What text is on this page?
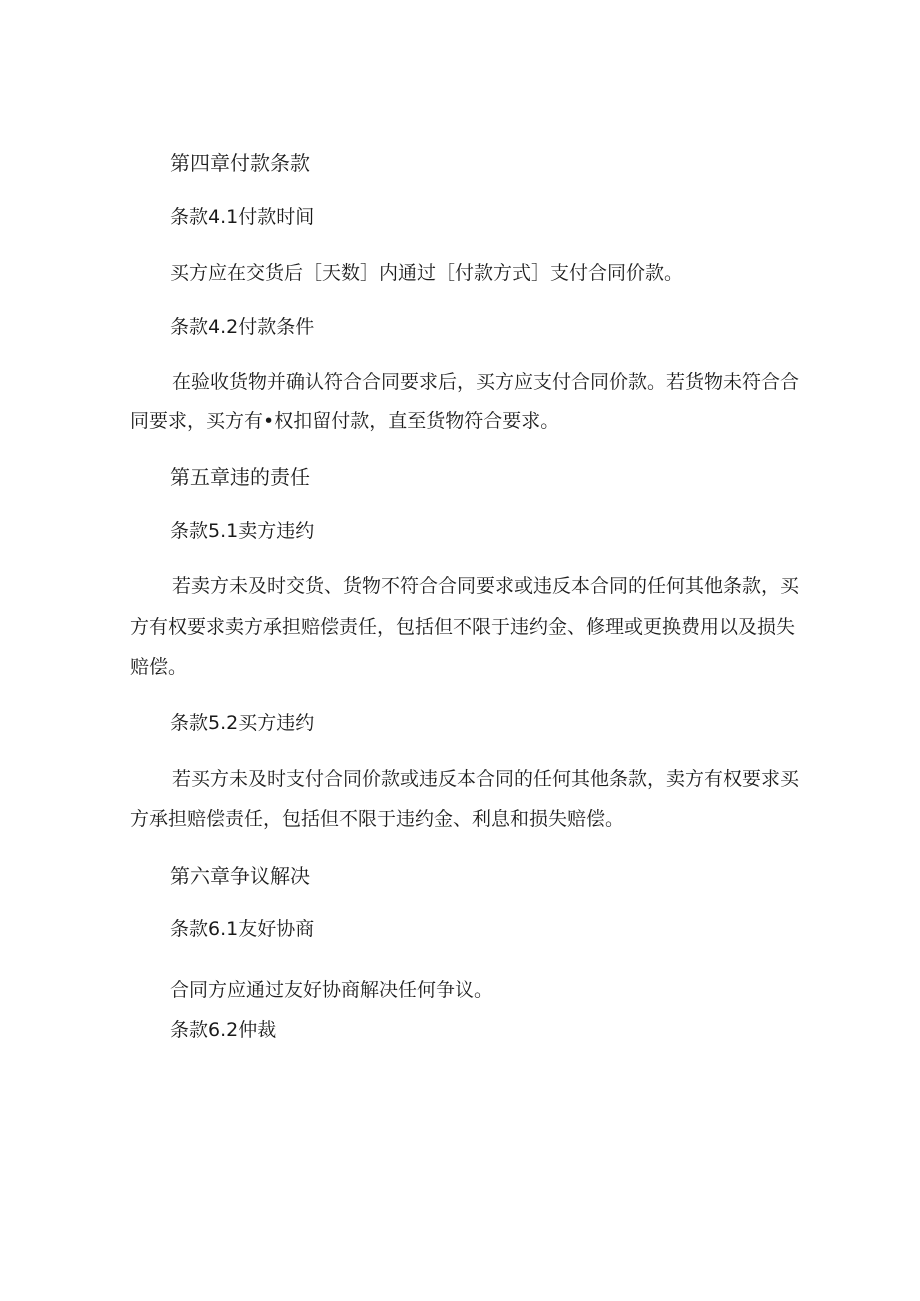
第四章付款条款
条款4.1付款时间
买方应在交货后［天数］内通过［付款方式］支付合同价款。
条款4.2付款条件
在验收货物并确认符合合同要求后，买方应支付合同价款。若货物未符合合
同要求，买方有•权扣留付款，直至货物符合要求。
第五章违的责任
条款5.1卖方违约
若卖方未及时交货、货物不符合合同要求或违反本合同的任何其他条款，买
方有权要求卖方承担赔偿责任，包括但不限于违约金、修理或更换费用以及损失
赔偿。
条款5.2买方违约
若买方未及时支付合同价款或违反本合同的任何其他条款，卖方有权要求买
方承担赔偿责任，包括但不限于违约金、利息和损失赔偿。
第六章争议解决
条款6.1友好协商
合同方应通过友好协商解决任何争议。
条款6.2仲裁
